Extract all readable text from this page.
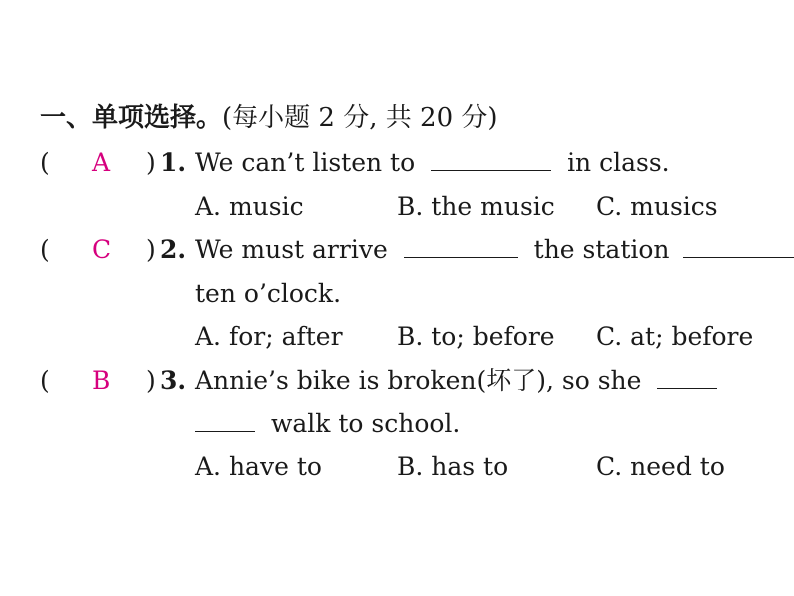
一、单项选择。(每小题 2 分, 共 20 分)
( A ) 1. We can’t listen to	in class.
A. music	B. the music C. musics
( C ) 2. We must arrive	the station
ten o’clock.
A. for; after B. to; before C. at; before
( B ) 3. Annie’s bike is broken(坏了), so she
walk to school.
A. have to	B. has to	C. need to
